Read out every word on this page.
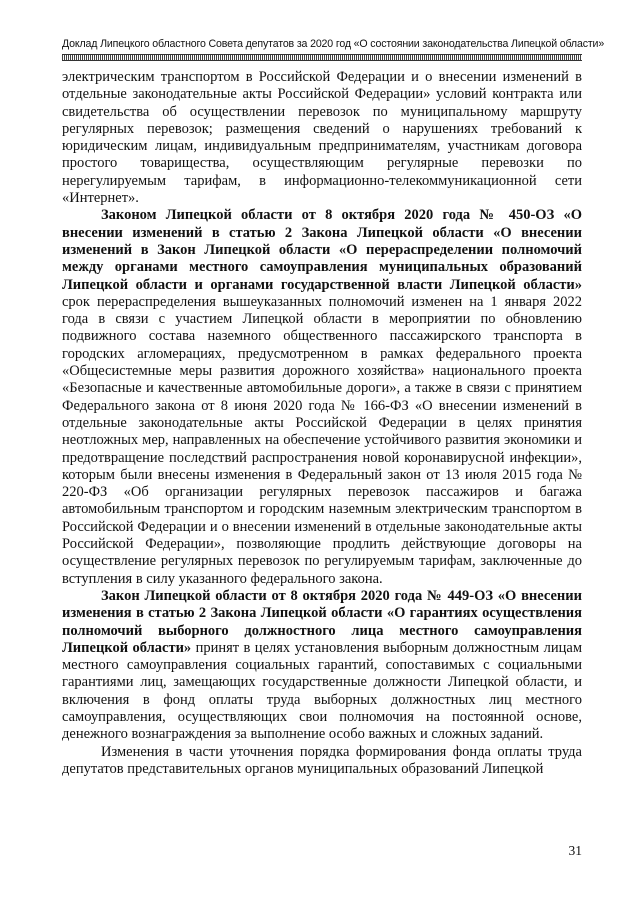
Доклад Липецкого областного Совета депутатов за 2020 год «О состоянии законодательства Липецкой области»

электрическим транспортом в Российской Федерации и о внесении изменений в отдельные законодательные акты Российской Федерации» условий контракта или свидетельства об осуществлении перевозок по муниципальному маршруту регулярных перевозок; размещения сведений о нарушениях требований к юридическим лицам, индивидуальным предпринимателям, участникам договора простого товарищества, осуществляющим регулярные перевозки по нерегулируемым тарифам, в информационно-телекоммуникационной сети «Интернет».

Законом Липецкой области от 8 октября 2020 года № 450-ОЗ «О внесении изменений в статью 2 Закона Липецкой области «О внесении изменений в Закон Липецкой области «О перераспределении полномочий между органами местного самоуправления муниципальных образований Липецкой области и органами государственной власти Липецкой области» срок перераспределения вышеуказанных полномочий изменен на 1 января 2022 года в связи с участием Липецкой области в мероприятии по обновлению подвижного состава наземного общественного пассажирского транспорта в городских агломерациях, предусмотренном в рамках федерального проекта «Общесистемные меры развития дорожного хозяйства» национального проекта «Безопасные и качественные автомобильные дороги», а также в связи с принятием Федерального закона от 8 июня 2020 года № 166-ФЗ «О внесении изменений в отдельные законодательные акты Российской Федерации в целях принятия неотложных мер, направленных на обеспечение устойчивого развития экономики и предотвращение последствий распространения новой коронавирусной инфекции», которым были внесены изменения в Федеральный закон от 13 июля 2015 года № 220-ФЗ «Об организации регулярных перевозок пассажиров и багажа автомобильным транспортом и городским наземным электрическим транспортом в Российской Федерации и о внесении изменений в отдельные законодательные акты Российской Федерации», позволяющие продлить действующие договоры на осуществление регулярных перевозок по регулируемым тарифам, заключенные до вступления в силу указанного федерального закона.

Закон Липецкой области от 8 октября 2020 года № 449-ОЗ «О внесении изменения в статью 2 Закона Липецкой области «О гарантиях осуществления полномочий выборного должностного лица местного самоуправления Липецкой области» принят в целях установления выборным должностным лицам местного самоуправления социальных гарантий, сопоставимых с социальными гарантиями лиц, замещающих государственные должности Липецкой области, и включения в фонд оплаты труда выборных должностных лиц местного самоуправления, осуществляющих свои полномочия на постоянной основе, денежного вознаграждения за выполнение особо важных и сложных заданий.

Изменения в части уточнения порядка формирования фонда оплаты труда депутатов представительных органов муниципальных образований Липецкой

31
